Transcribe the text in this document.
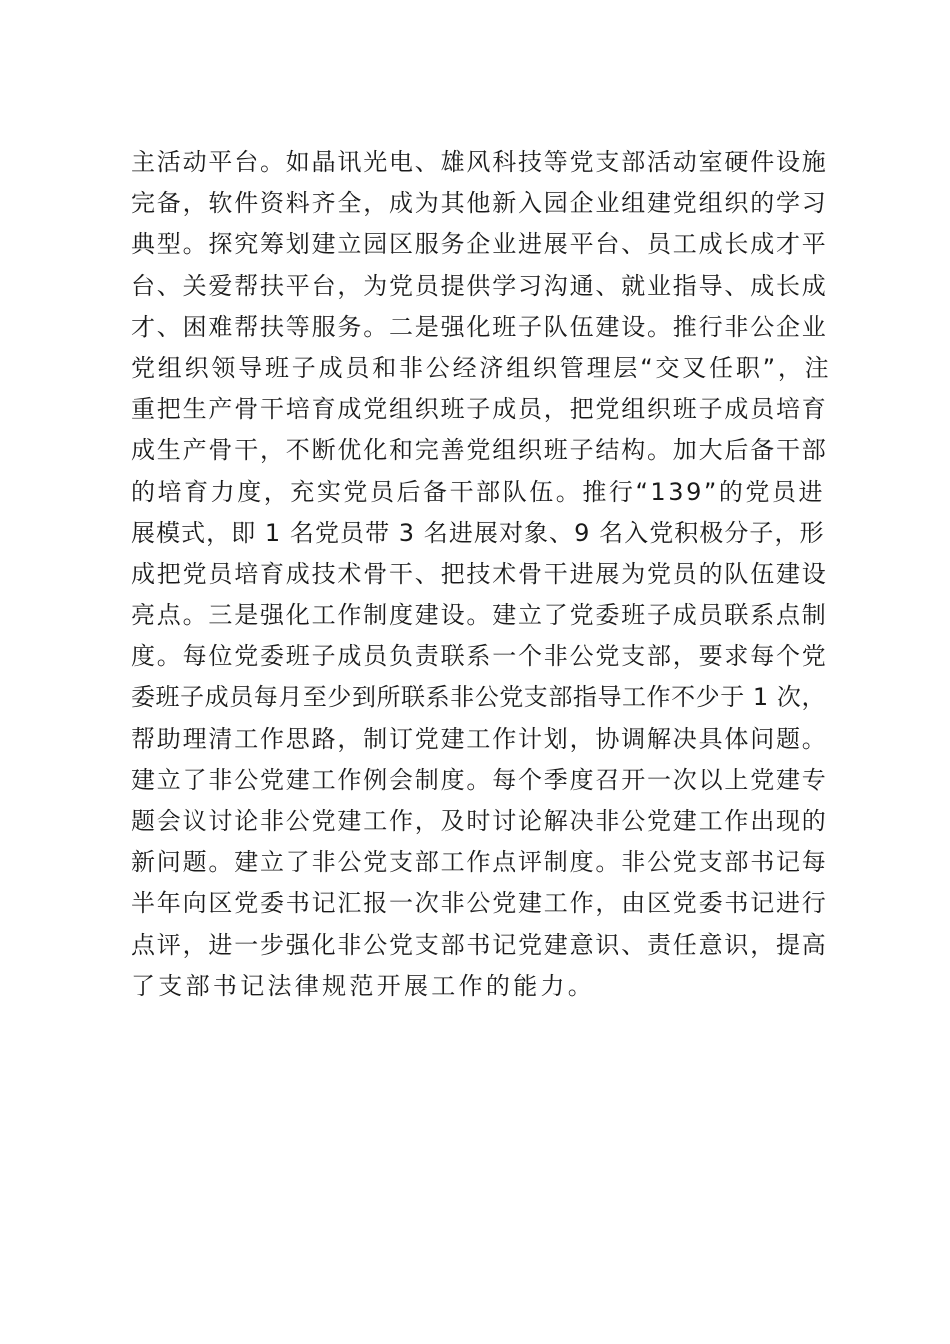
主活动平台。如晶讯光电、雄风科技等党支部活动室硬件设施
完备，软件资料齐全，成为其他新入园企业组建党组织的学习
典型。探究筹划建立园区服务企业进展平台、员工成长成才平
台、关爱帮扶平台，为党员提供学习沟通、就业指导、成长成
才、困难帮扶等服务。二是强化班子队伍建设。推行非公企业
党组织领导班子成员和非公经济组织管理层“交叉任职”，注
重把生产骨干培育成党组织班子成员，把党组织班子成员培育
成生产骨干，不断优化和完善党组织班子结构。加大后备干部
的培育力度，充实党员后备干部队伍。推行“139”的党员进
展模式，即 1 名党员带 3 名进展对象、9 名入党积极分子，形
成把党员培育成技术骨干、把技术骨干进展为党员的队伍建设
亮点。三是强化工作制度建设。建立了党委班子成员联系点制
度。每位党委班子成员负责联系一个非公党支部，要求每个党
委班子成员每月至少到所联系非公党支部指导工作不少于 1 次，
帮助理清工作思路，制订党建工作计划，协调解决具体问题。
建立了非公党建工作例会制度。每个季度召开一次以上党建专
题会议讨论非公党建工作，及时讨论解决非公党建工作出现的
新问题。建立了非公党支部工作点评制度。非公党支部书记每
半年向区党委书记汇报一次非公党建工作，由区党委书记进行
点评，进一步强化非公党支部书记党建意识、责任意识，提高
了支部书记法律规范开展工作的能力。
